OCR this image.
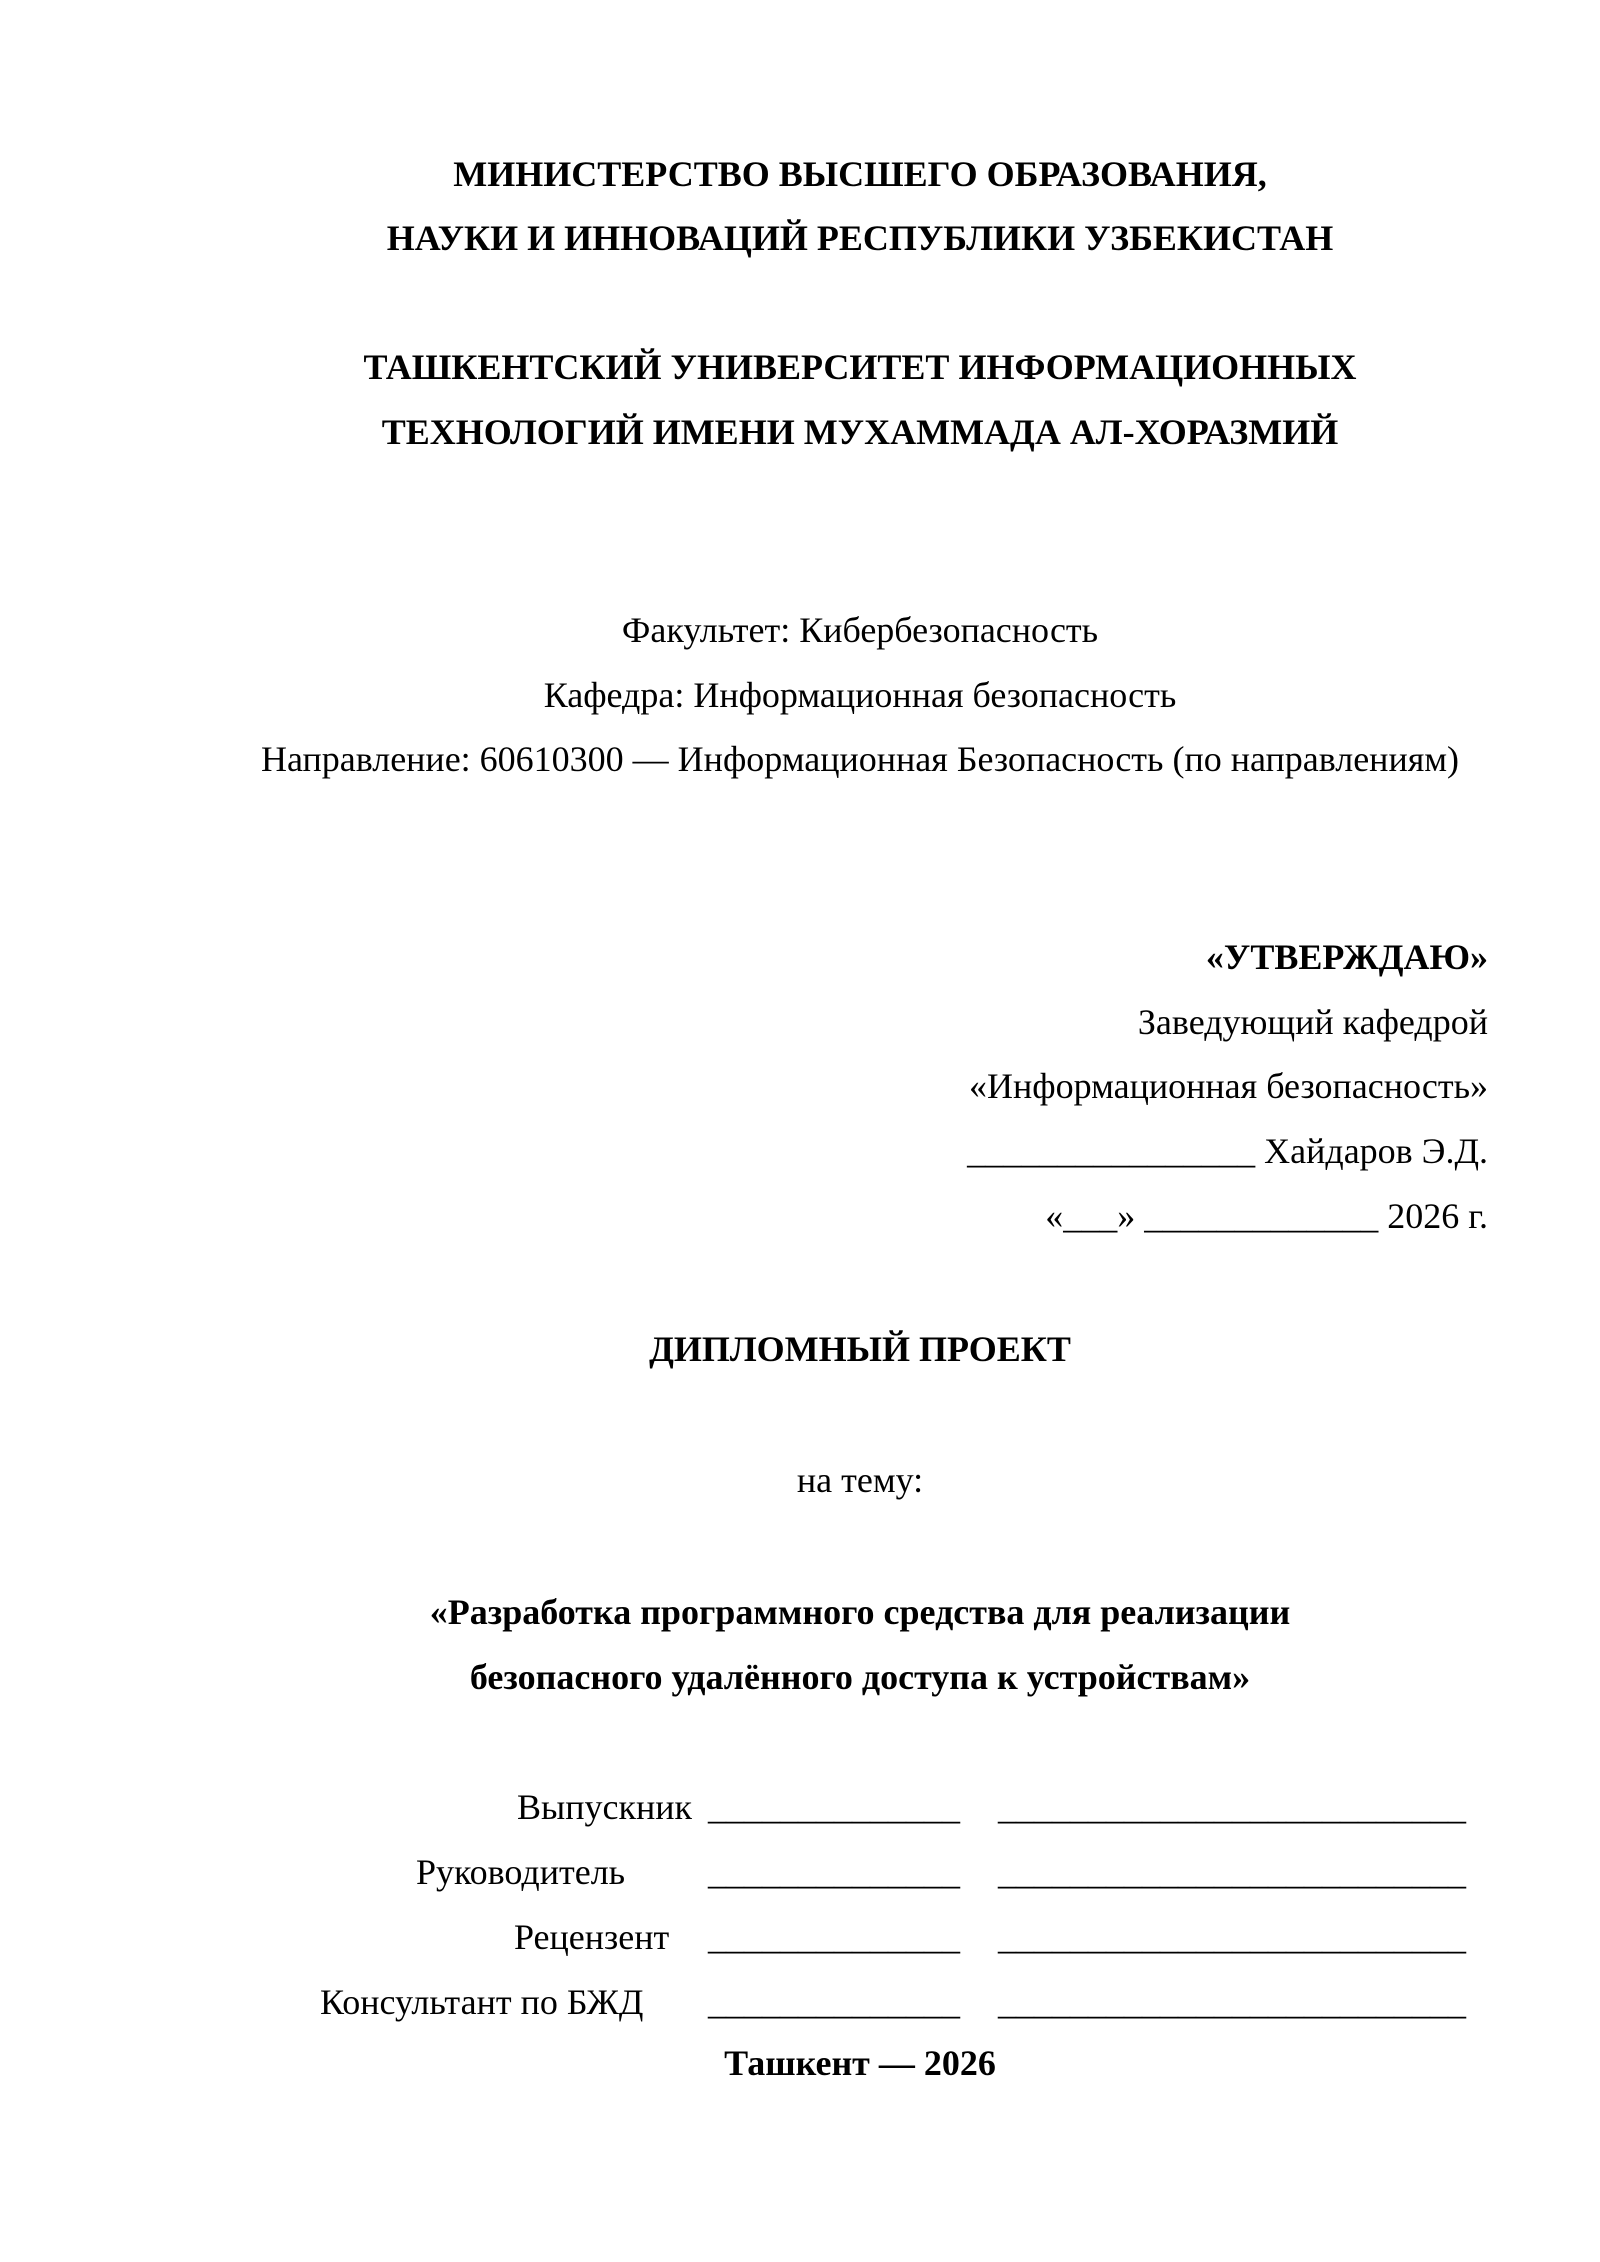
МИНИСТЕРСТВО ВЫСШЕГО ОБРАЗОВАНИЯ,
НАУКИ И ИННОВАЦИЙ РЕСПУБЛИКИ УЗБЕКИСТАН
ТАШКЕНТСКИЙ УНИВЕРСИТЕТ ИНФОРМАЦИОННЫХ
ТЕХНОЛОГИЙ ИМЕНИ МУХАММАДА АЛ-ХОРАЗМИЙ
Факультет: Кибербезопасность
Кафедра: Информационная безопасность
Направление: 60610300 — Информационная Безопасность (по направлениям)
«УТВЕРЖДАЮ»
Заведующий кафедрой
«Информационная безопасность»
________________ Хайдаров Э.Д.
«___» _____________ 2026 г.
ДИПЛОМНЫЙ ПРОЕКТ
на тему:
«Разработка программного средства для реализации
безопасного удалённого доступа к устройствам»
Выпускник ______________ __________________________
Руководитель ______________ __________________________
Рецензент ______________ __________________________
Консультант по БЖД ______________ __________________________
Ташкент — 2026
